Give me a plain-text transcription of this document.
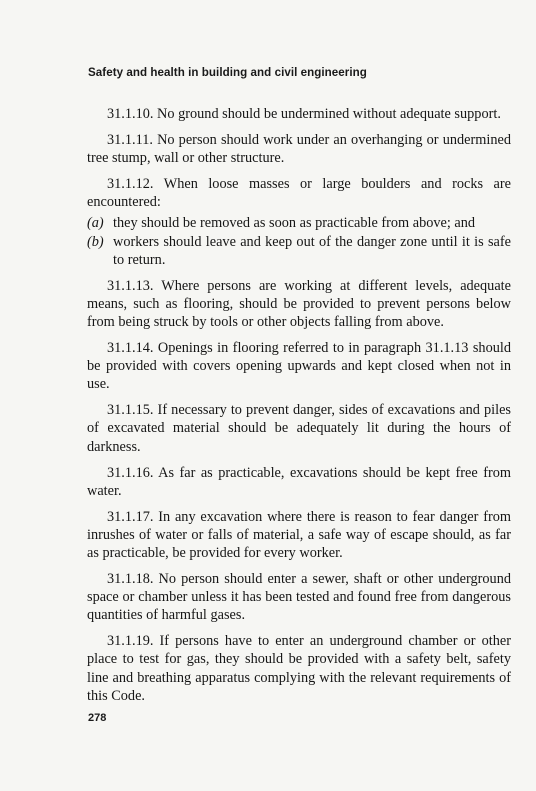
Safety and health in building and civil engineering

31.1.10. No ground should be undermined without adequate support.

31.1.11. No person should work under an overhanging or undermined tree stump, wall or other structure.

31.1.12. When loose masses or large boulders and rocks are encountered:

(a) they should be removed as soon as practicable from above; and

(b) workers should leave and keep out of the danger zone until it is safe to return.

31.1.13. Where persons are working at different levels, adequate means, such as flooring, should be provided to prevent persons below from being struck by tools or other objects falling from above.

31.1.14. Openings in flooring referred to in paragraph 31.1.13 should be provided with covers opening upwards and kept closed when not in use.

31.1.15. If necessary to prevent danger, sides of excavations and piles of excavated material should be adequately lit during the hours of darkness.

31.1.16. As far as practicable, excavations should be kept free from water.

31.1.17. In any excavation where there is reason to fear danger from inrushes of water or falls of material, a safe way of escape should, as far as practicable, be provided for every worker.

31.1.18. No person should enter a sewer, shaft or other underground space or chamber unless it has been tested and found free from dangerous quantities of harmful gases.

31.1.19. If persons have to enter an underground chamber or other place to test for gas, they should be provided with a safety belt, safety line and breathing apparatus complying with the relevant requirements of this Code.

278
